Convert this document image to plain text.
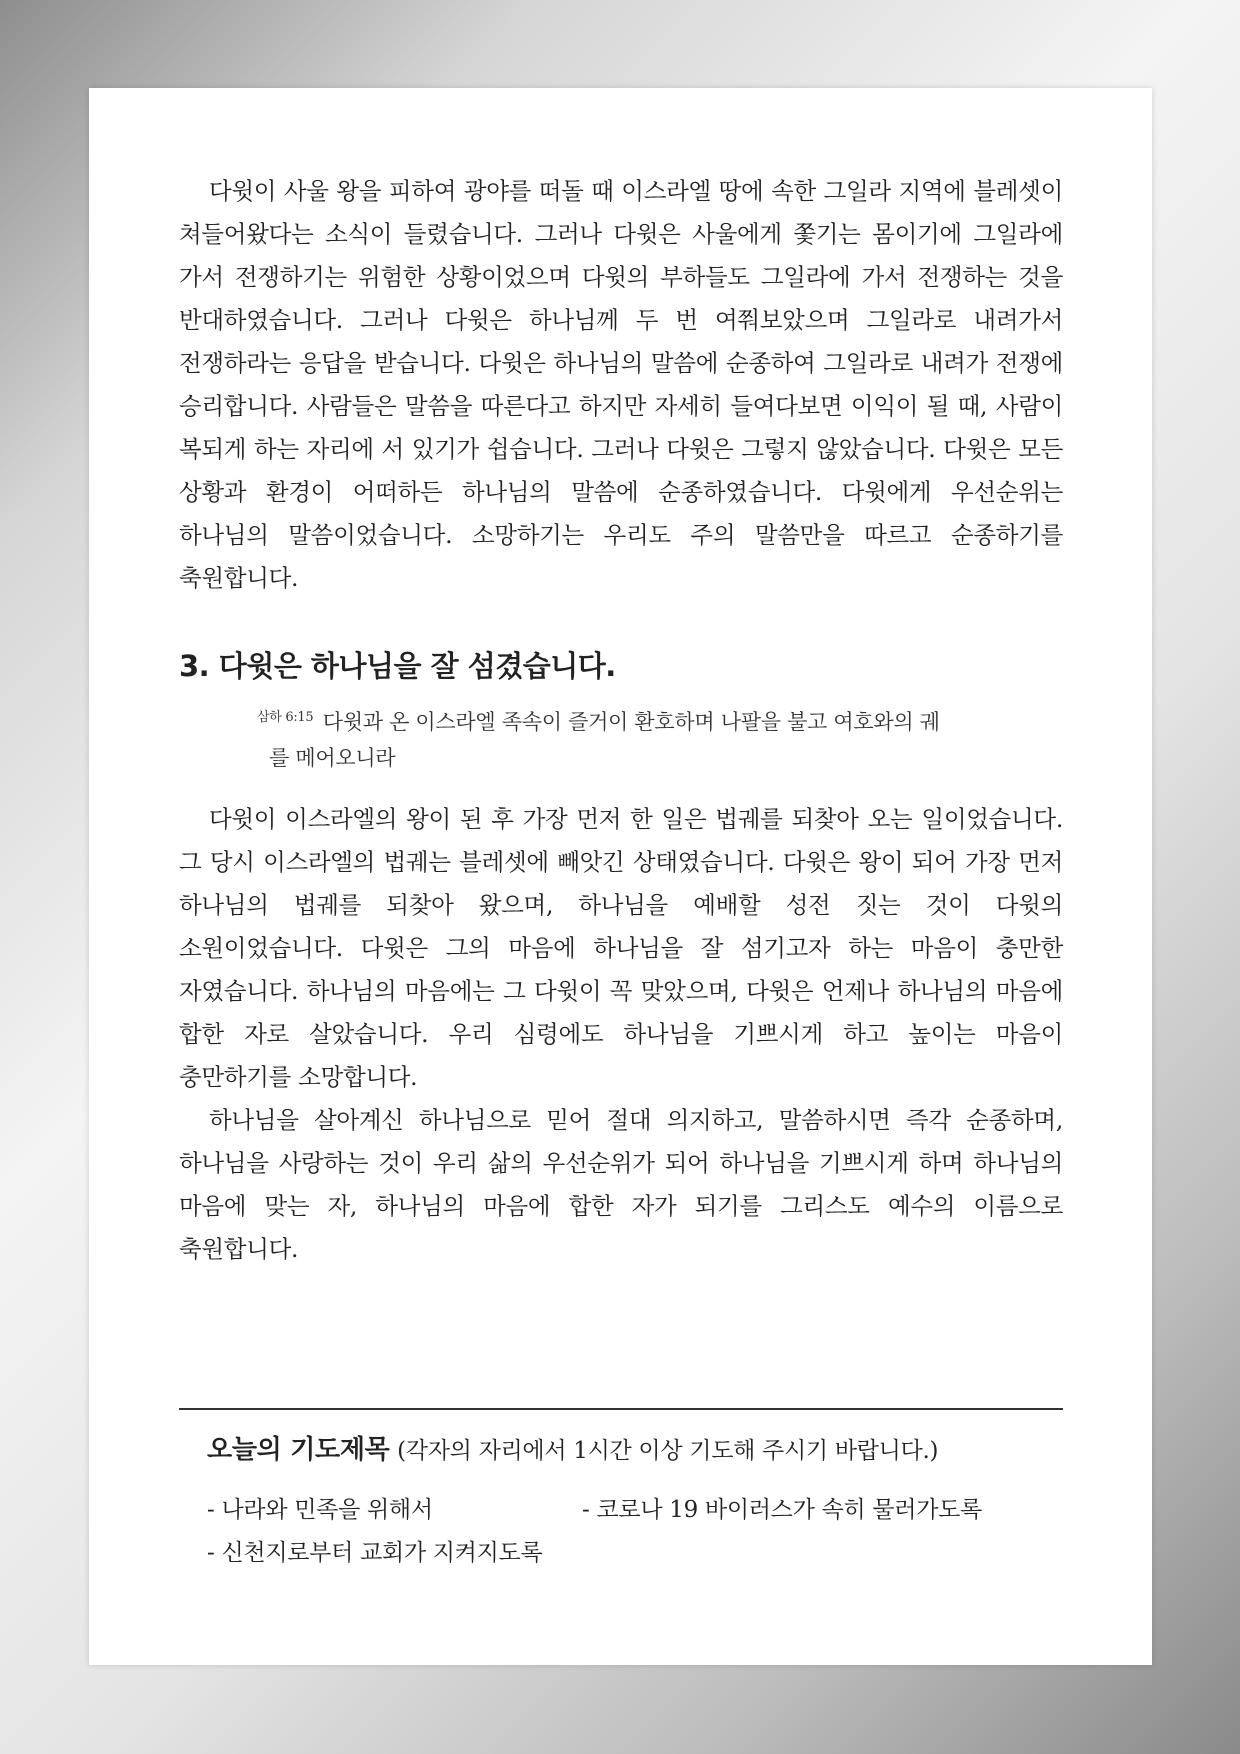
다윗이 사울 왕을 피하여 광야를 떠돌 때 이스라엘 땅에 속한 그일라 지역에 블레셋이 쳐들어왔다는 소식이 들렸습니다. 그러나 다윗은 사울에게 쫓기는 몸이기에 그일라에 가서 전쟁하기는 위험한 상황이었으며 다윗의 부하들도 그일라에 가서 전쟁하는 것을 반대하였습니다. 그러나 다윗은 하나님께 두 번 여쭤보았으며 그일라로 내려가서 전쟁하라는 응답을 받습니다. 다윗은 하나님의 말씀에 순종하여 그일라로 내려가 전쟁에 승리합니다. 사람들은 말씀을 따른다고 하지만 자세히 들여다보면 이익이 될 때, 사람이 복되게 하는 자리에 서 있기가 쉽습니다. 그러나 다윗은 그렇지 않았습니다. 다윗은 모든 상황과 환경이 어떠하든 하나님의 말씀에 순종하였습니다. 다윗에게 우선순위는 하나님의 말씀이었습니다. 소망하기는 우리도 주의 말씀만을 따르고 순종하기를 축원합니다.

3. 다윗은 하나님을 잘 섬겼습니다.
$^{삼하 6:15}$ 다윗과 온 이스라엘 족속이 즐거이 환호하며 나팔을 불고 여호와의 궤
를 메어오니라

다윗이 이스라엘의 왕이 된 후 가장 먼저 한 일은 법궤를 되찾아 오는 일이었습니다. 그 당시 이스라엘의 법궤는 블레셋에 빼앗긴 상태였습니다. 다윗은 왕이 되어 가장 먼저 하나님의 법궤를 되찾아 왔으며, 하나님을 예배할 성전 짓는 것이 다윗의 소원이었습니다. 다윗은 그의 마음에 하나님을 잘 섬기고자 하는 마음이 충만한 자였습니다. 하나님의 마음에는 그 다윗이 꼭 맞았으며, 다윗은 언제나 하나님의 마음에 합한 자로 살았습니다. 우리 심령에도 하나님을 기쁘시게 하고 높이는 마음이 충만하기를 소망합니다.

하나님을 살아계신 하나님으로 믿어 절대 의지하고, 말씀하시면 즉각 순종하며, 하나님을 사랑하는 것이 우리 삶의 우선순위가 되어 하나님을 기쁘시게 하며 하나님의 마음에 맞는 자, 하나님의 마음에 합한 자가 되기를 그리스도 예수의 이름으로 축원합니다.

오늘의 기도제목 (각자의 자리에서 1시간 이상 기도해 주시기 바랍니다.)
- 나라와 민족을 위해서	- 코로나 19 바이러스가 속히 물러가도록
- 신천지로부터 교회가 지켜지도록
